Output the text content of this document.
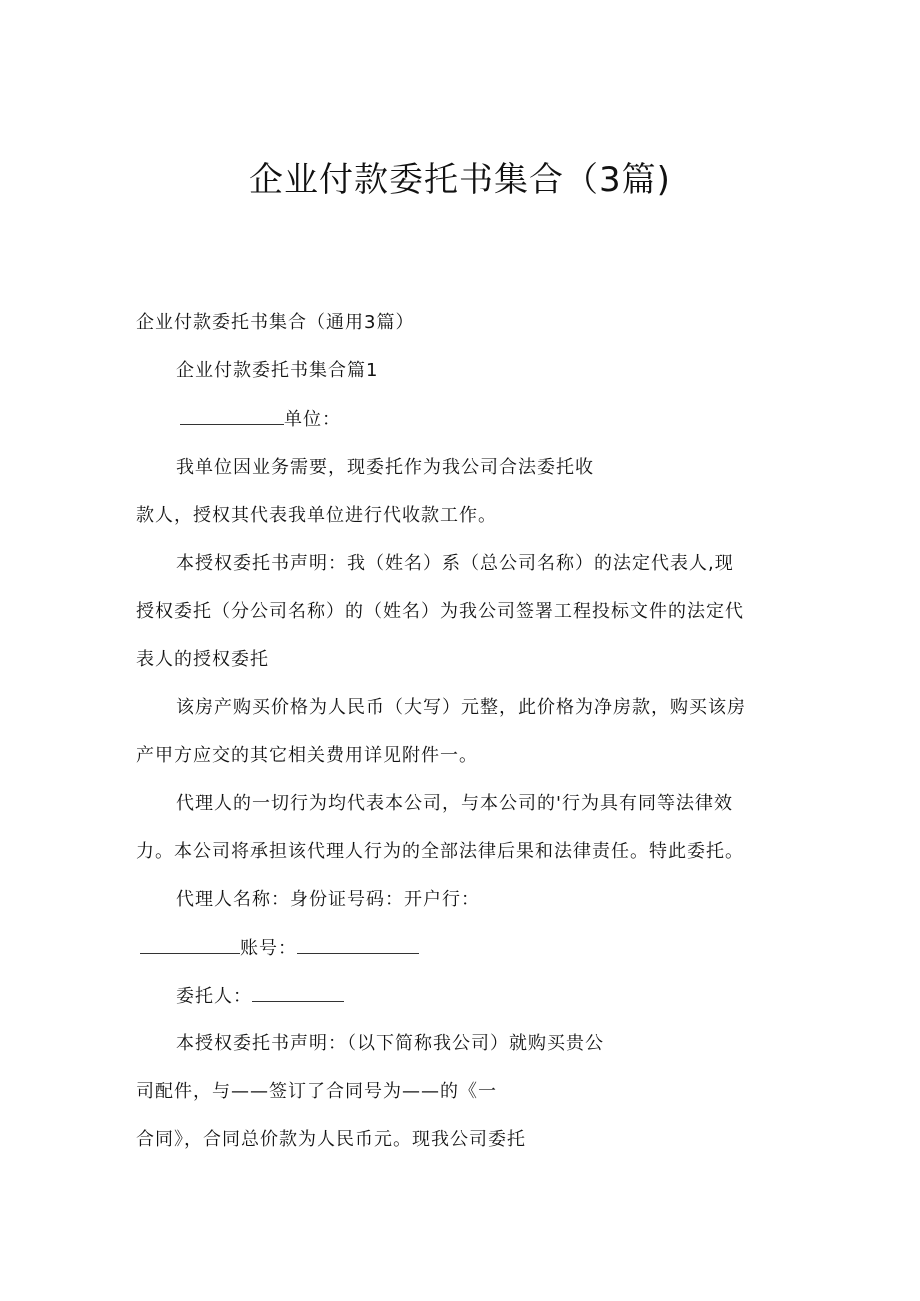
企业付款委托书集合（3篇)
企业付款委托书集合（通用3篇）
企业付款委托书集合篇1
单位：
我单位因业务需要，现委托作为我公司合法委托收
款人，授权其代表我单位进行代收款工作。
本授权委托书声明：我（姓名）系（总公司名称）的法定代表人,现
授权委托（分公司名称）的（姓名）为我公司签署工程投标文件的法定代
表人的授权委托
该房产购买价格为人民币（大写）元整，此价格为净房款，购买该房
产甲方应交的其它相关费用详见附件一。
代理人的一切行为均代表本公司，与本公司的'行为具有同等法律效
力。本公司将承担该代理人行为的全部法律后果和法律责任。特此委托。
代理人名称：身份证号码：开户行：
账号：
委托人：
本授权委托书声明：（以下简称我公司）就购买贵公
司配件，与——签订了合同号为——的《一
合同》，合同总价款为人民币元。现我公司委托
